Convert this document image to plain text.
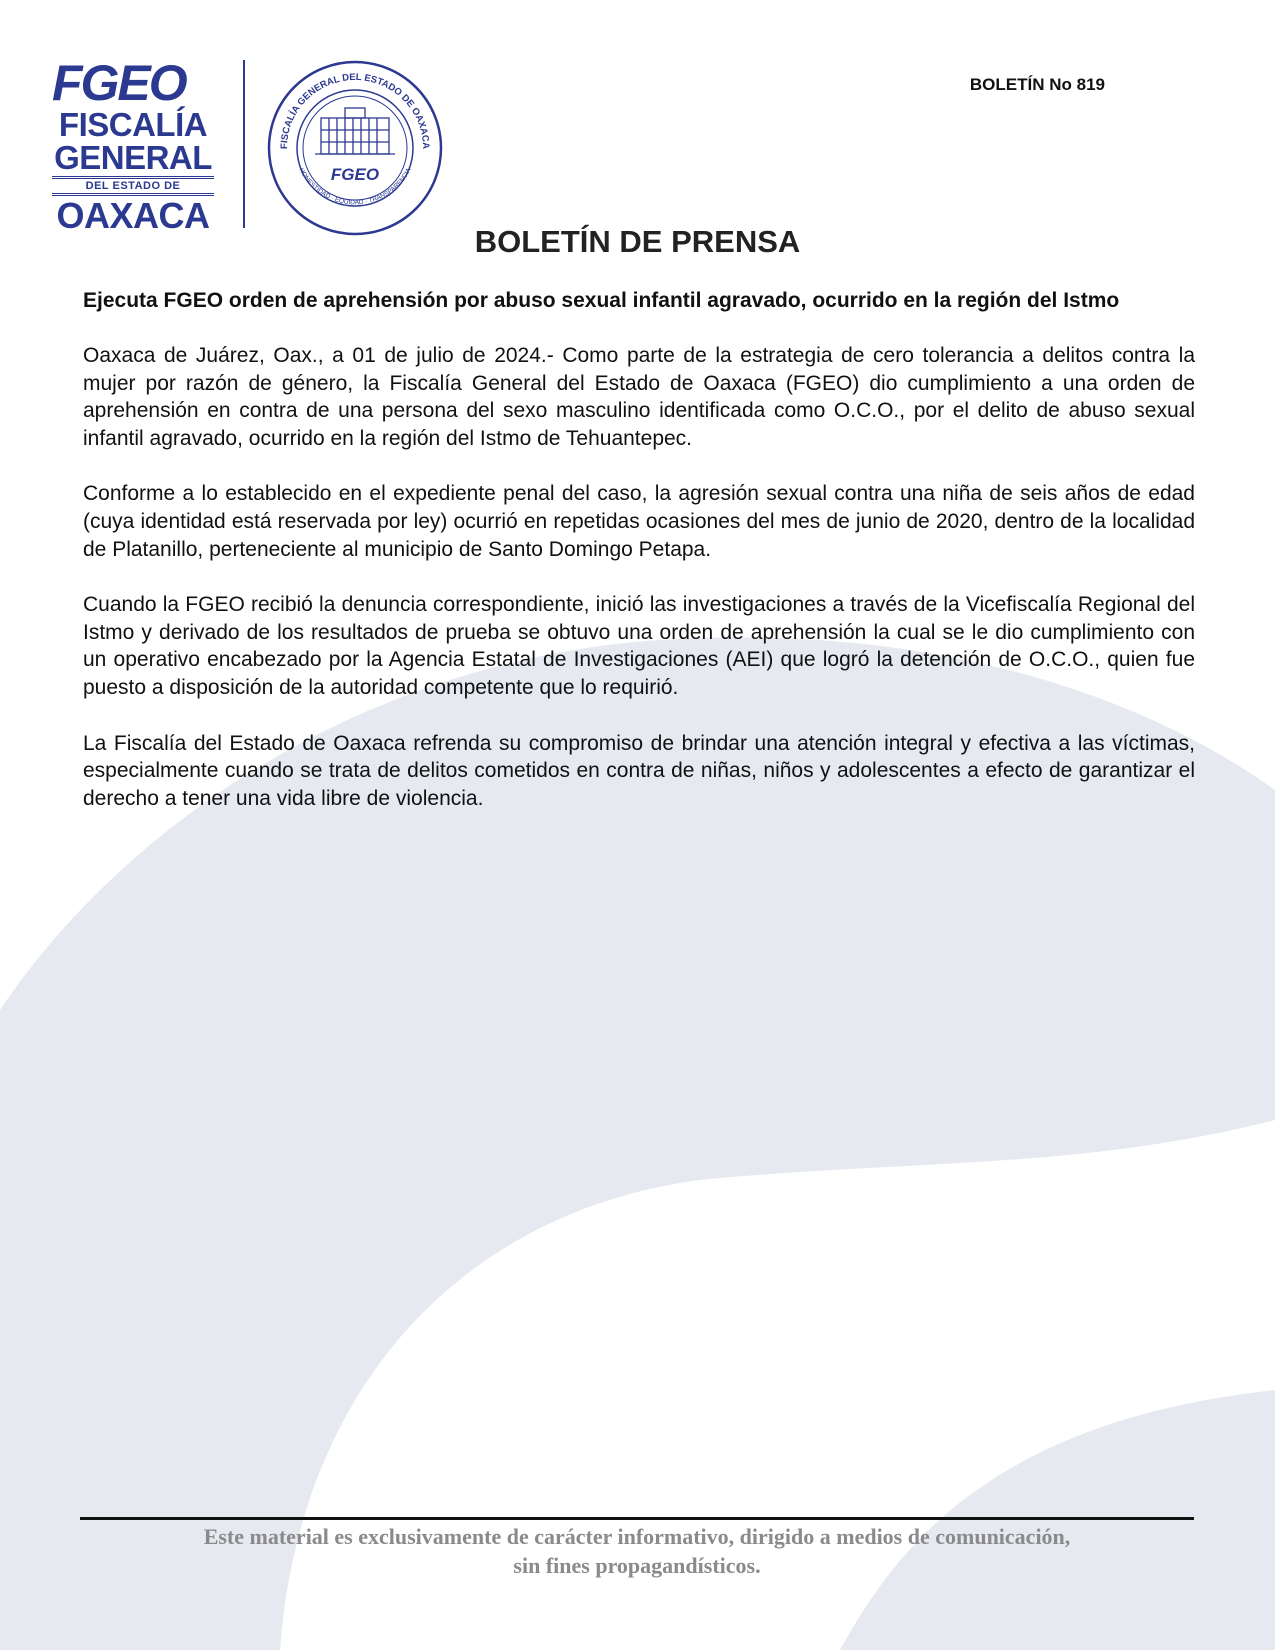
FGEO
FISCALÍA
GENERAL
DEL ESTADO DE
OAXACA
FISCALÍA GENERAL DEL ESTADO DE OAXACA
HONESTIDAD · EQUIDAD · TRANSPARENCIA
FGEO
BOLETÍN No 819
BOLETÍN DE PRENSA

Ejecuta FGEO orden de aprehensión por abuso sexual infantil agravado, ocurrido en la región del Istmo

Oaxaca de Juárez, Oax., a 01 de julio de 2024.- Como parte de la estrategia de cero tolerancia a delitos contra la mujer por razón de género, la Fiscalía General del Estado de Oaxaca (FGEO) dio cumplimiento a una orden de aprehensión en contra de una persona del sexo masculino identificada como O.C.O., por el delito de abuso sexual infantil agravado, ocurrido en la región del Istmo de Tehuantepec.

Conforme a lo establecido en el expediente penal del caso, la agresión sexual contra una niña de seis años de edad (cuya identidad está reservada por ley) ocurrió en repetidas ocasiones del mes de junio de 2020, dentro de la localidad de Platanillo, perteneciente al municipio de Santo Domingo Petapa.

Cuando la FGEO recibió la denuncia correspondiente, inició las investigaciones a través de la Vicefiscalía Regional del Istmo y derivado de los resultados de prueba se obtuvo una orden de aprehensión la cual se le dio cumplimiento con un operativo encabezado por la Agencia Estatal de Investigaciones (AEI) que logró la detención de O.C.O., quien fue puesto a disposición de la autoridad competente que lo requirió.

La Fiscalía del Estado de Oaxaca refrenda su compromiso de brindar una atención integral y efectiva a las víctimas, especialmente cuando se trata de delitos cometidos en contra de niñas, niños y adolescentes a efecto de garantizar el derecho a tener una vida libre de violencia.

Este material es exclusivamente de carácter informativo, dirigido a medios de comunicación,
sin fines propagandísticos.
